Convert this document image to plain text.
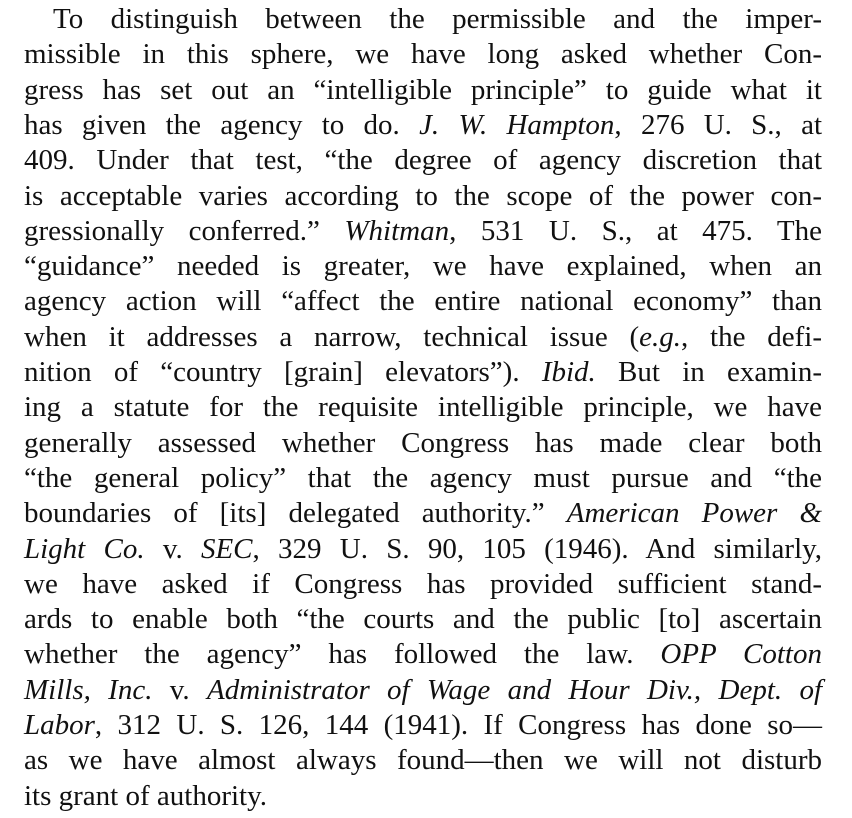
To distinguish between the permissible and the imper-
missible in this sphere, we have long asked whether Con-
gress has set out an “intelligible principle” to guide what it
has given the agency to do. J. W. Hampton, 276 U. S., at
409. Under that test, “the degree of agency discretion that
is acceptable varies according to the scope of the power con-
gressionally conferred.” Whitman, 531 U. S., at 475. The
“guidance” needed is greater, we have explained, when an
agency action will “affect the entire national economy” than
when it addresses a narrow, technical issue (e.g., the defi-
nition of “country [grain] elevators”). Ibid. But in examin-
ing a statute for the requisite intelligible principle, we have
generally assessed whether Congress has made clear both
“the general policy” that the agency must pursue and “the
boundaries of [its] delegated authority.” American Power &
Light Co. v. SEC, 329 U. S. 90, 105 (1946). And similarly,
we have asked if Congress has provided sufficient stand-
ards to enable both “the courts and the public [to] ascertain
whether the agency” has followed the law. OPP Cotton
Mills, Inc. v. Administrator of Wage and Hour Div., Dept. of
Labor, 312 U. S. 126, 144 (1941). If Congress has done so—
as we have almost always found—then we will not disturb
its grant of authority.
